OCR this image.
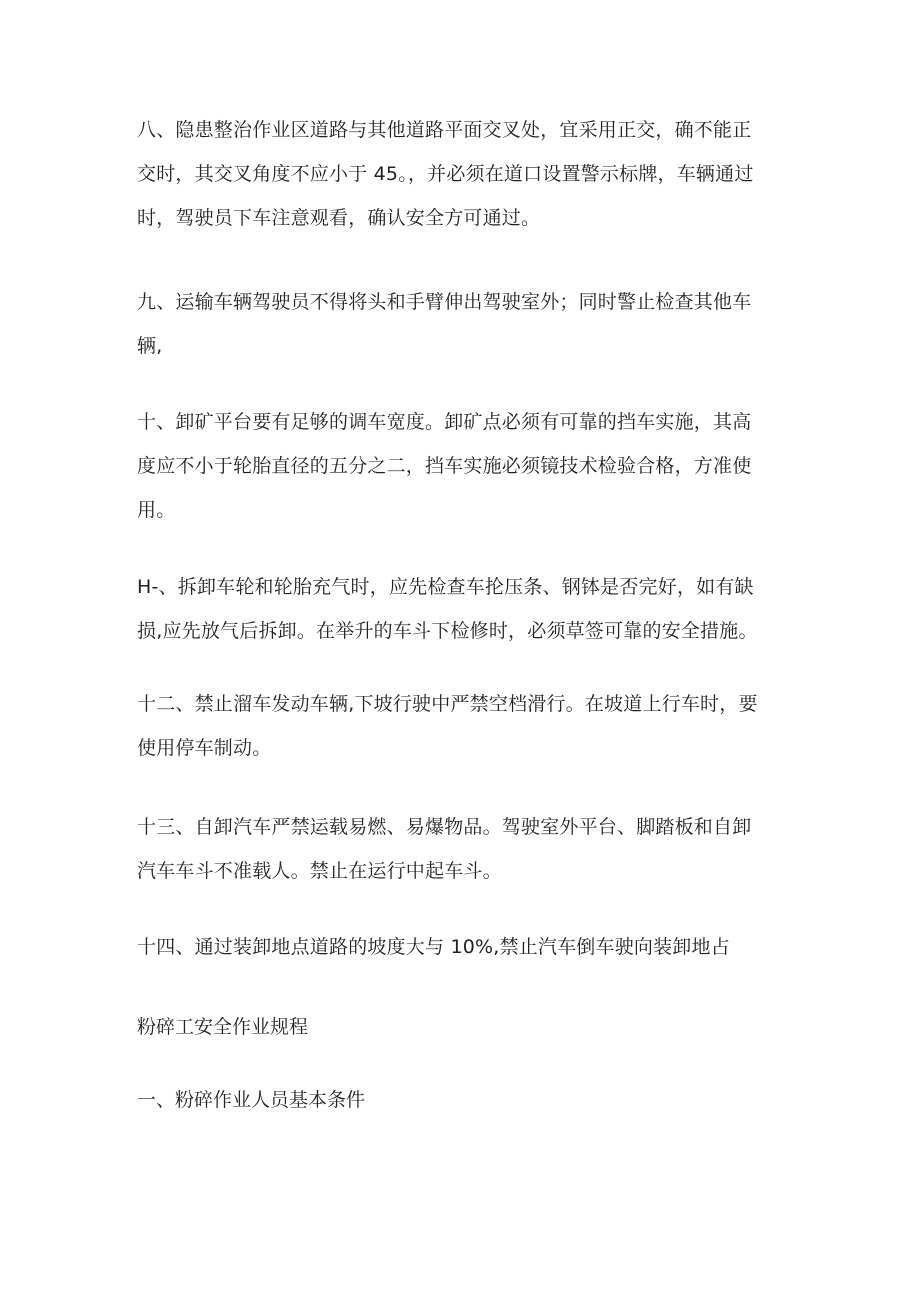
八、隐患整治作业区道路与其他道路平面交叉处，宜采用正交，确不能正
交时，其交叉角度不应小于 45。，并必须在道口设置警示标牌，车辆通过
时，驾驶员下车注意观看，确认安全方可通过。
九、运输车辆驾驶员不得将头和手臂伸出驾驶室外；同时警止检查其他车
辆,
十、卸矿平台要有足够的调车宽度。卸矿点必须有可靠的挡车实施，其高
度应不小于轮胎直径的五分之二，挡车实施必须镜技术检验合格，方准使
用。
H-、拆卸车轮和轮胎充气时，应先检查车抡压条、钢钵是否完好，如有缺
损,应先放气后拆卸。在举升的车斗下检修时，必须草签可靠的安全措施。
十二、禁止溜车发动车辆,下坡行驶中严禁空档滑行。在坡道上行车时，要
使用停车制动。
十三、自卸汽车严禁运载易燃、易爆物品。驾驶室外平台、脚踏板和自卸
汽车车斗不准载人。禁止在运行中起车斗。
十四、通过装卸地点道路的坡度大与 10%,禁止汽车倒车驶向装卸地占
粉碎工安全作业规程
一、粉碎作业人员基本条件
